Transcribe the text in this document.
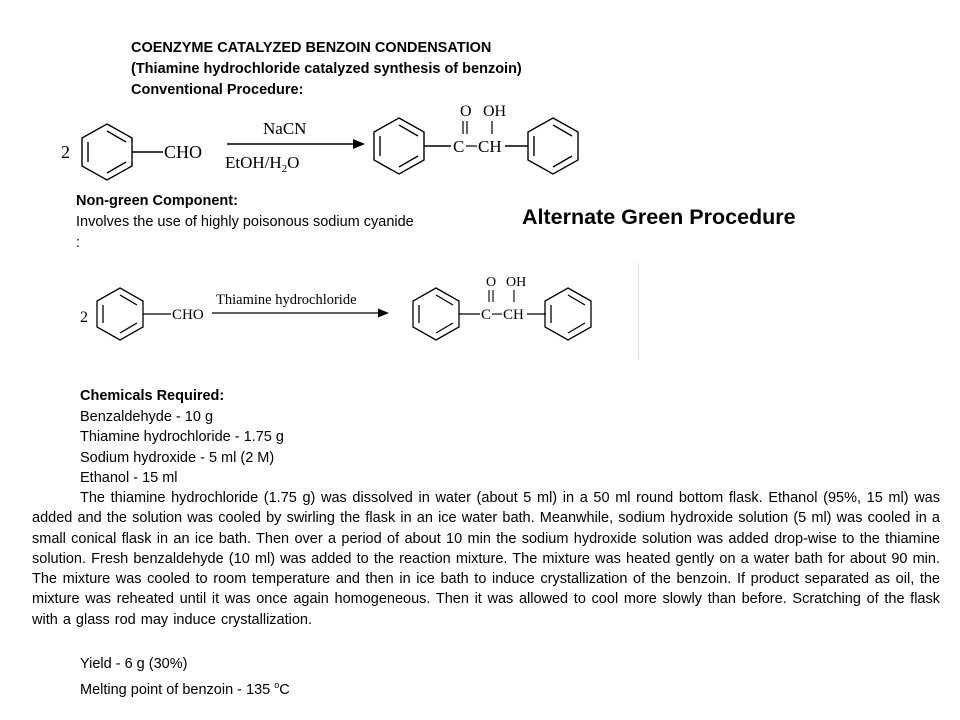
COENZYME CATALYZED BENZOIN CONDENSATION
(Thiamine hydrochloride catalyzed synthesis of benzoin)
Conventional Procedure:
2	CHO
NaCN
EtOH/$H_2O$
O OH
C CH
Non-green Component:
Involves the use of highly poisonous sodium cyanide
:
Alternate Green Procedure
2	CHO
Thiamine hydrochloride
O OH
C CH
Chemicals Required:
Benzaldehyde - 10 g
Thiamine hydrochloride - 1.75 g
Sodium hydroxide - 5 ml (2 M)
Ethanol - 15 ml
The thiamine hydrochloride (1.75 g) was dissolved in water (about 5 ml) in a 50 ml round bottom flask. Ethanol (95%, 15 ml) was added and the solution was cooled by swirling the flask in an ice water bath. Meanwhile, sodium hydroxide solution (5 ml) was cooled in a small conical flask in an ice bath. Then over a period of about 10 min the sodium hydroxide solution was added drop-wise to the thiamine solution. Fresh benzaldehyde (10 ml) was added to the reaction mixture. The mixture was heated gently on a water bath for about 90 min. The mixture was cooled to room temperature and then in ice bath to induce crystallization of the benzoin. If product separated as oil, the mixture was reheated until it was once again homogeneous. Then it was allowed to cool more slowly than before. Scratching of the flask with a glass rod may induce crystallization.
Yield - 6 g (30%)
Melting point of benzoin - 135 $^o$C
